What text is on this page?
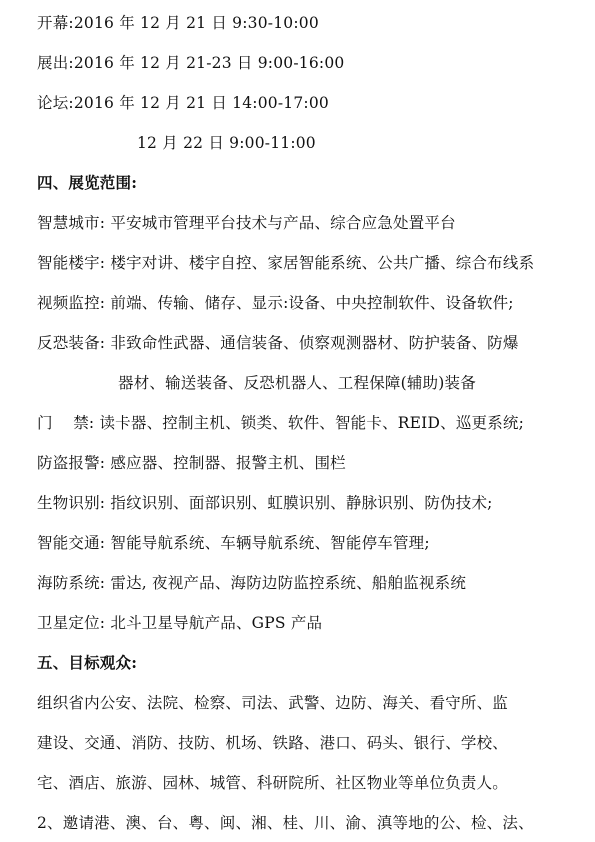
开幕:2016 年 12 月 21 日 9:30-10:00
展出:2016 年 12 月 21-23 日 9:00-16:00
论坛:2016 年 12 月 21 日 14:00-17:00
12 月 22 日 9:00-11:00
四、展览范围:
智慧城市: 平安城市管理平台技术与产品、综合应急处置平台
智能楼宇: 楼宇对讲、楼宇自控、家居智能系统、公共广播、综合布线系
视频监控: 前端、传输、储存、显示:设备、中央控制软件、设备软件;
反恐装备: 非致命性武器、通信装备、侦察观测器材、防护装备、防爆
器材、输送装备、反恐机器人、工程保障(辅助)装备
门    禁: 读卡器、控制主机、锁类、软件、智能卡、REID、巡更系统;
防盗报警: 感应器、控制器、报警主机、围栏
生物识别: 指纹识别、面部识别、虹膜识别、静脉识别、防伪技术;
智能交通: 智能导航系统、车辆导航系统、智能停车管理;
海防系统: 雷达, 夜视产品、海防边防监控系统、船舶监视系统
卫星定位: 北斗卫星导航产品、GPS 产品
五、目标观众:
组织省内公安、法院、检察、司法、武警、边防、海关、看守所、监
建设、交通、消防、技防、机场、铁路、港口、码头、银行、学校、
宅、酒店、旅游、园林、城管、科研院所、社区物业等单位负责人。
2、邀请港、澳、台、粤、闽、湘、桂、川、渝、滇等地的公、检、法、
